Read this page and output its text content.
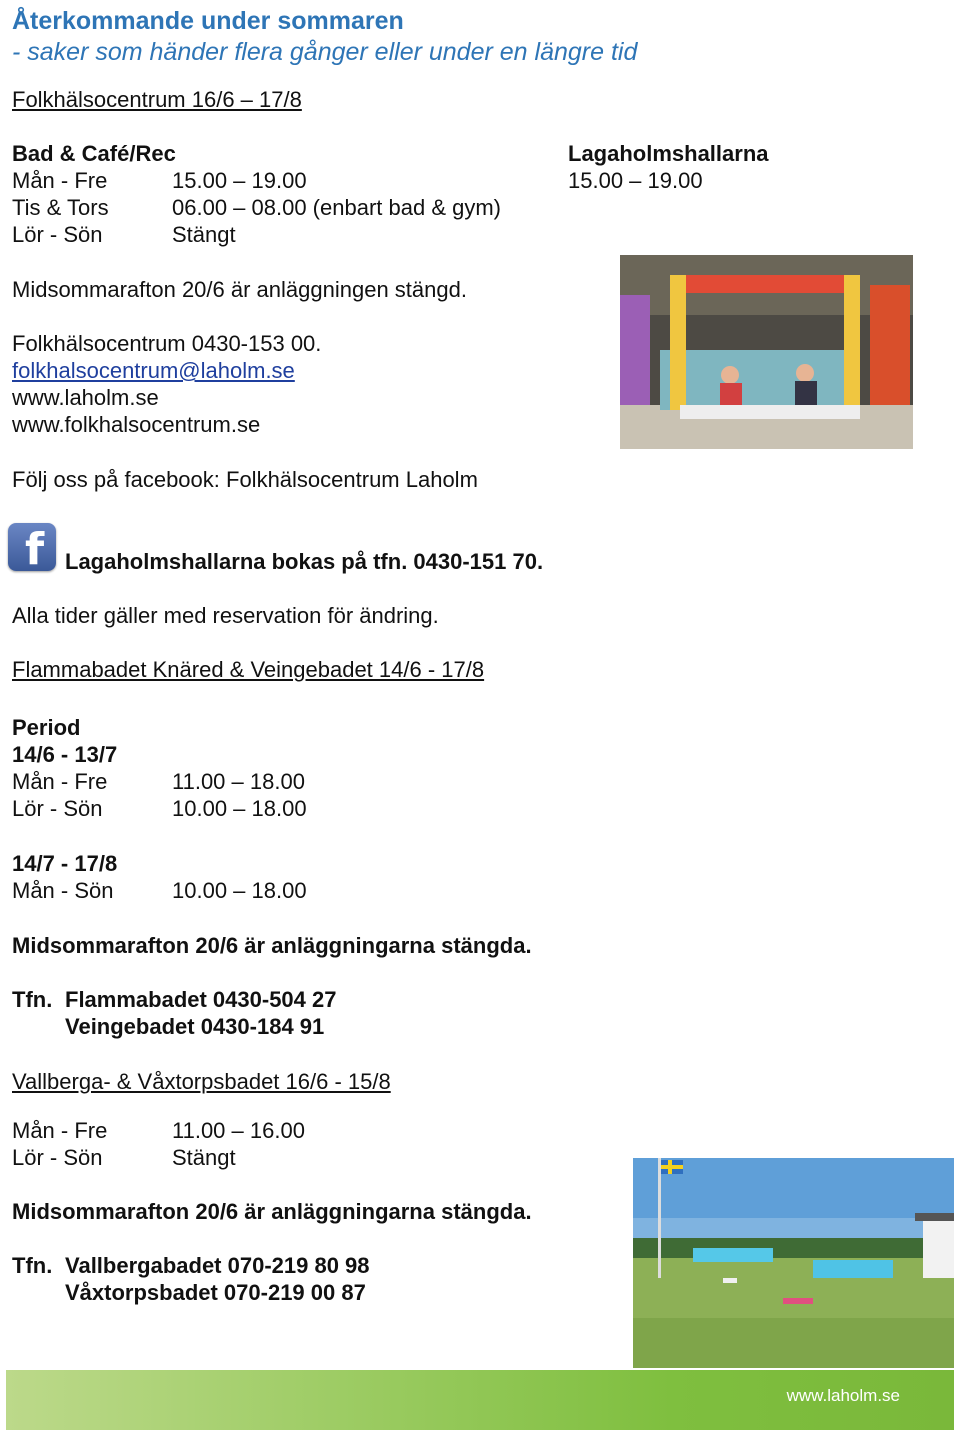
Återkommande under sommaren
- saker som händer flera gånger eller under en längre tid
Folkhälsocentrum 16/6 – 17/8
Bad & Café/Rec	Lagaholmshallarna
Mån - Fre	15.00 – 19.00	15.00 – 19.00
Tis & Tors	06.00 – 08.00 (enbart bad & gym)
Lör - Sön	Stängt
Midsommarafton 20/6 är anläggningen stängd.
Folkhälsocentrum 0430-153 00.
folkhalsocentrum@laholm.se
www.laholm.se
www.folkhalsocentrum.se
Följ oss på facebook: Folkhälsocentrum Laholm
f Lagaholmshallarna bokas på tfn. 0430-151 70.
Alla tider gäller med reservation för ändring.
Flammabadet Knäred & Veingebadet 14/6 - 17/8
Period
14/6 - 13/7
Mån - Fre	11.00 – 18.00
Lör - Sön	10.00 – 18.00
14/7 - 17/8
Mån - Sön	10.00 – 18.00
Midsommarafton 20/6 är anläggningarna stängda.
Tfn. Flammabadet 0430-504 27
Veingebadet 0430-184 91
Vallberga- & Våxtorpsbadet 16/6 - 15/8
Mån - Fre	11.00 – 16.00
Lör - Sön	Stängt
Midsommarafton 20/6 är anläggningarna stängda.
Tfn. Vallbergabadet 070-219 80 98
Våxtorpsbadet 070-219 00 87
www.laholm.se
